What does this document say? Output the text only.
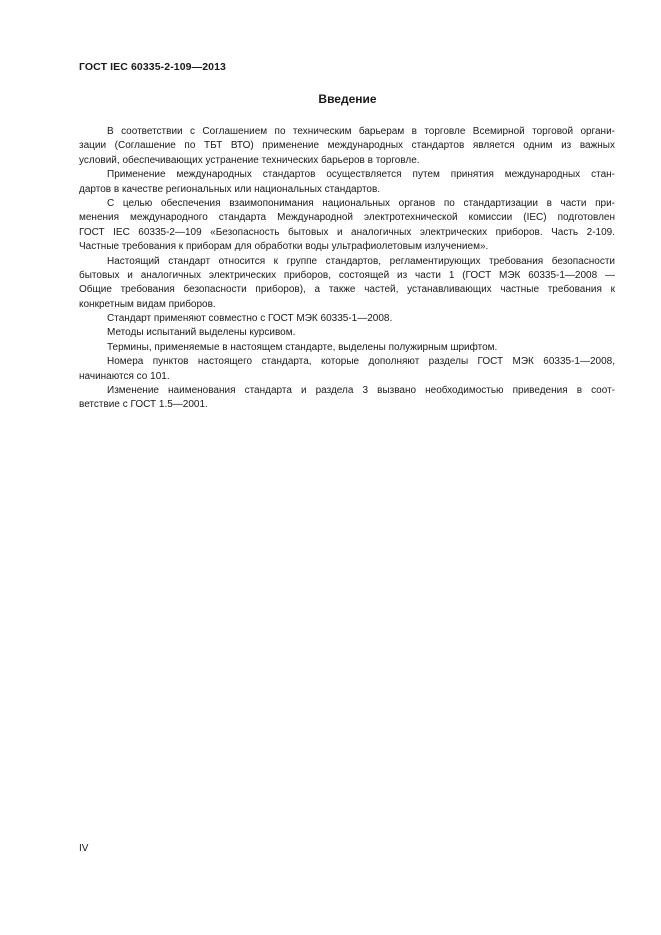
ГОСТ IEC 60335-2-109—2013
Введение
В соответствии с Соглашением по техническим барьерам в торговле Всемирной торговой органи-
зации (Соглашение по ТБТ ВТО) применение международных стандартов является одним из важных
условий, обеспечивающих устранение технических барьеров в торговле.
Применение международных стандартов осуществляется путем принятия международных стан-
дартов в качестве региональных или национальных стандартов.
С целью обеспечения взаимопонимания национальных органов по стандартизации в части при-
менения международного стандарта Международной электротехнической комиссии (IEC) подготовлен
ГОСТ IEC 60335-2—109 «Безопасность бытовых и аналогичных электрических приборов. Часть 2-109.
Частные требования к приборам для обработки воды ультрафиолетовым излучением».
Настоящий стандарт относится к группе стандартов, регламентирующих требования безопасности
бытовых и аналогичных электрических приборов, состоящей из части 1 (ГОСТ МЭК 60335-1—2008 —
Общие требования безопасности приборов), а также частей, устанавливающих частные требования к
конкретным видам приборов.
Стандарт применяют совместно с ГОСТ МЭК 60335-1—2008.
Методы испытаний выделены курсивом.
Термины, применяемые в настоящем стандарте, выделены полужирным шрифтом.
Номера пунктов настоящего стандарта, которые дополняют разделы ГОСТ МЭК 60335-1—2008,
начинаются со 101.
Изменение наименования стандарта и раздела 3 вызвано необходимостью приведения в соот-
ветствие с ГОСТ 1.5—2001.
IV
